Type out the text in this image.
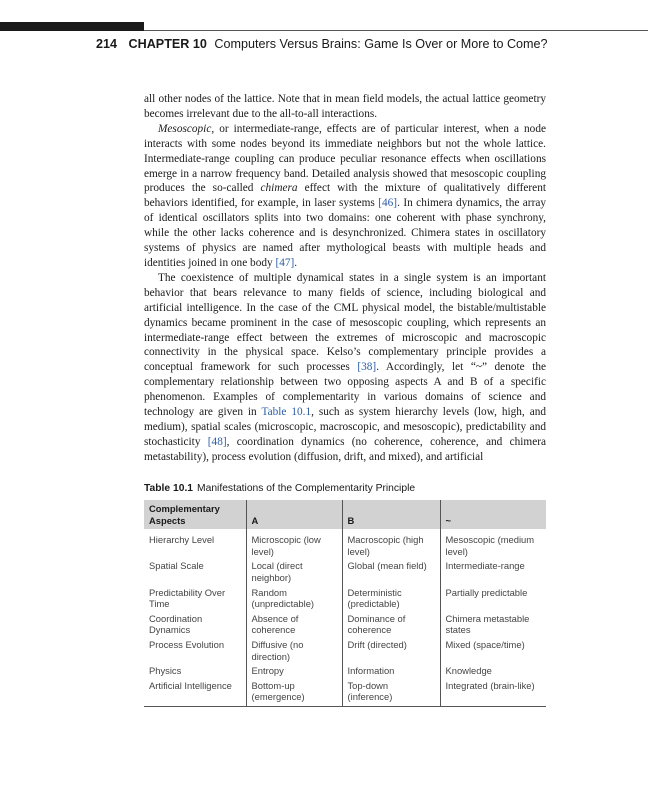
214 CHAPTER 10 Computers Versus Brains: Game Is Over or More to Come?

all other nodes of the lattice. Note that in mean field models, the actual lattice geometry becomes irrelevant due to the all-to-all interactions.

Mesoscopic, or intermediate-range, effects are of particular interest, when a node interacts with some nodes beyond its immediate neighbors but not the whole lattice. Intermediate-range coupling can produce peculiar resonance effects when oscillations emerge in a narrow frequency band. Detailed analysis showed that mesoscopic coupling produces the so-called chimera effect with the mixture of qualitatively different behaviors identified, for example, in laser systems [46]. In chimera dynamics, the array of identical oscillators splits into two domains: one coherent with phase synchrony, while the other lacks coherence and is desynchronized. Chimera states in oscillatory systems of physics are named after mythological beasts with multiple heads and identities joined in one body [47].

The coexistence of multiple dynamical states in a single system is an important behavior that bears relevance to many fields of science, including biological and artificial intelligence. In the case of the CML physical model, the bistable/multistable dynamics became prominent in the case of mesoscopic coupling, which represents an intermediate-range effect between the extremes of microscopic and macroscopic connectivity in the physical space. Kelso’s complementary principle provides a conceptual framework for such processes [38]. Accordingly, let “~” denote the complementary relationship between two opposing aspects A and B of a specific phenomenon. Examples of complementarity in various domains of science and technology are given in Table 10.1, such as system hierarchy levels (low, high, and medium), spatial scales (microscopic, macroscopic, and mesoscopic), predictability and stochasticity [48], coordination dynamics (no coherence, coherence, and chimera metastability), process evolution (diffusion, drift, and mixed), and artificial

Table 10.1 Manifestations of the Complementarity Principle
Complementary Aspects	A	B	~
Hierarchy Level	Microscopic (low level)	Macroscopic (high level)	Mesoscopic (medium level)
Spatial Scale	Local (direct neighbor)	Global (mean field)	Intermediate-range
Predictability Over Time	Random (unpredictable)	Deterministic (predictable)	Partially predictable
Coordination Dynamics	Absence of coherence	Dominance of coherence	Chimera metastable states
Process Evolution	Diffusive (no direction)	Drift (directed)	Mixed (space/time)
Physics	Entropy	Information	Knowledge
Artificial Intelligence	Bottom-up (emergence)	Top-down (inference)	Integrated (brain-like)
